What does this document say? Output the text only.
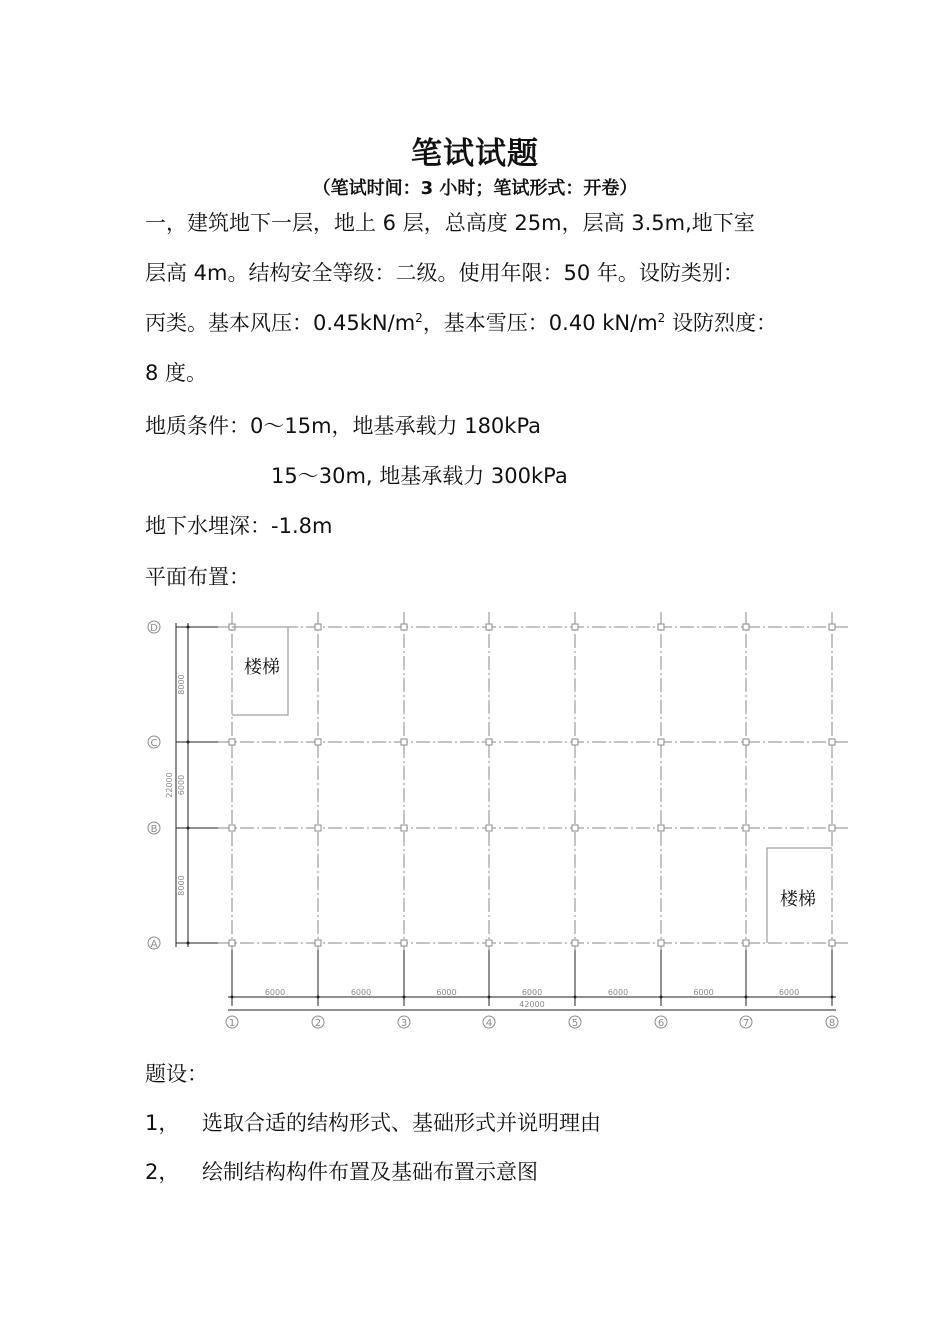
笔试试题
（笔试时间：3 小时；笔试形式：开卷）
一，建筑地下一层，地上 6 层，总高度 25m，层高 3.5m,地下室
层高 4m。结构安全等级：二级。使用年限：50 年。设防类别：
丙类。基本风压：$0.45kN/m^2$，基本雪压：0.40 $kN/m^2$ 设防烈度：
8 度。
地质条件：0～15m，地基承载力 180kPa
15～30m, 地基承载力 300kPa
地下水埋深：-1.8m
平面布置：
D
C
B
A
1	2	3	4	5	6	7	8
6000	6000	6000	6000	6000	6000	6000
42000
8000
6000
8000
22000
楼梯
楼梯
题设：
1， 选取合适的结构形式、基础形式并说明理由
2， 绘制结构构件布置及基础布置示意图
